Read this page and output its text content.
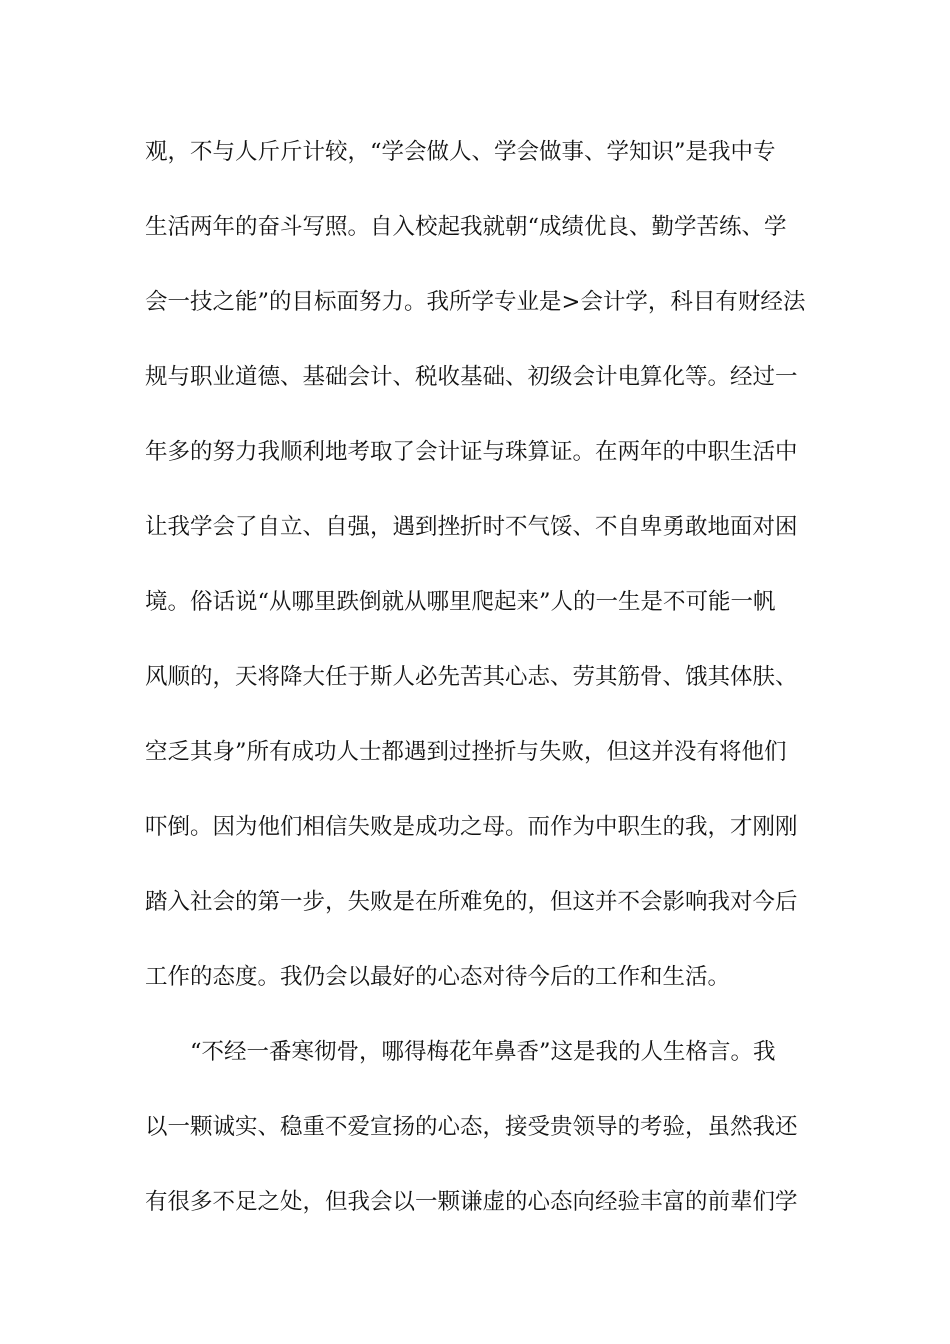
观，不与人斤斤计较，“学会做人、学会做事、学知识”是我中专
生活两年的奋斗写照。自入校起我就朝“成绩优良、勤学苦练、学
会一技之能”的目标面努力。我所学专业是>会计学，科目有财经法
规与职业道德、基础会计、税收基础、初级会计电算化等。经过一
年多的努力我顺利地考取了会计证与珠算证。在两年的中职生活中
让我学会了自立、自强，遇到挫折时不气馁、不自卑勇敢地面对困
境。俗话说“从哪里跌倒就从哪里爬起来”人的一生是不可能一帆
风顺的，天将降大任于斯人必先苦其心志、劳其筋骨、饿其体肤、
空乏其身”所有成功人士都遇到过挫折与失败，但这并没有将他们
吓倒。因为他们相信失败是成功之母。而作为中职生的我，才刚刚
踏入社会的第一步，失败是在所难免的，但这并不会影响我对今后
工作的态度。我仍会以最好的心态对待今后的工作和生活。
“不经一番寒彻骨，哪得梅花年鼻香”这是我的人生格言。我
以一颗诚实、稳重不爱宣扬的心态，接受贵领导的考验，虽然我还
有很多不足之处，但我会以一颗谦虚的心态向经验丰富的前辈们学
